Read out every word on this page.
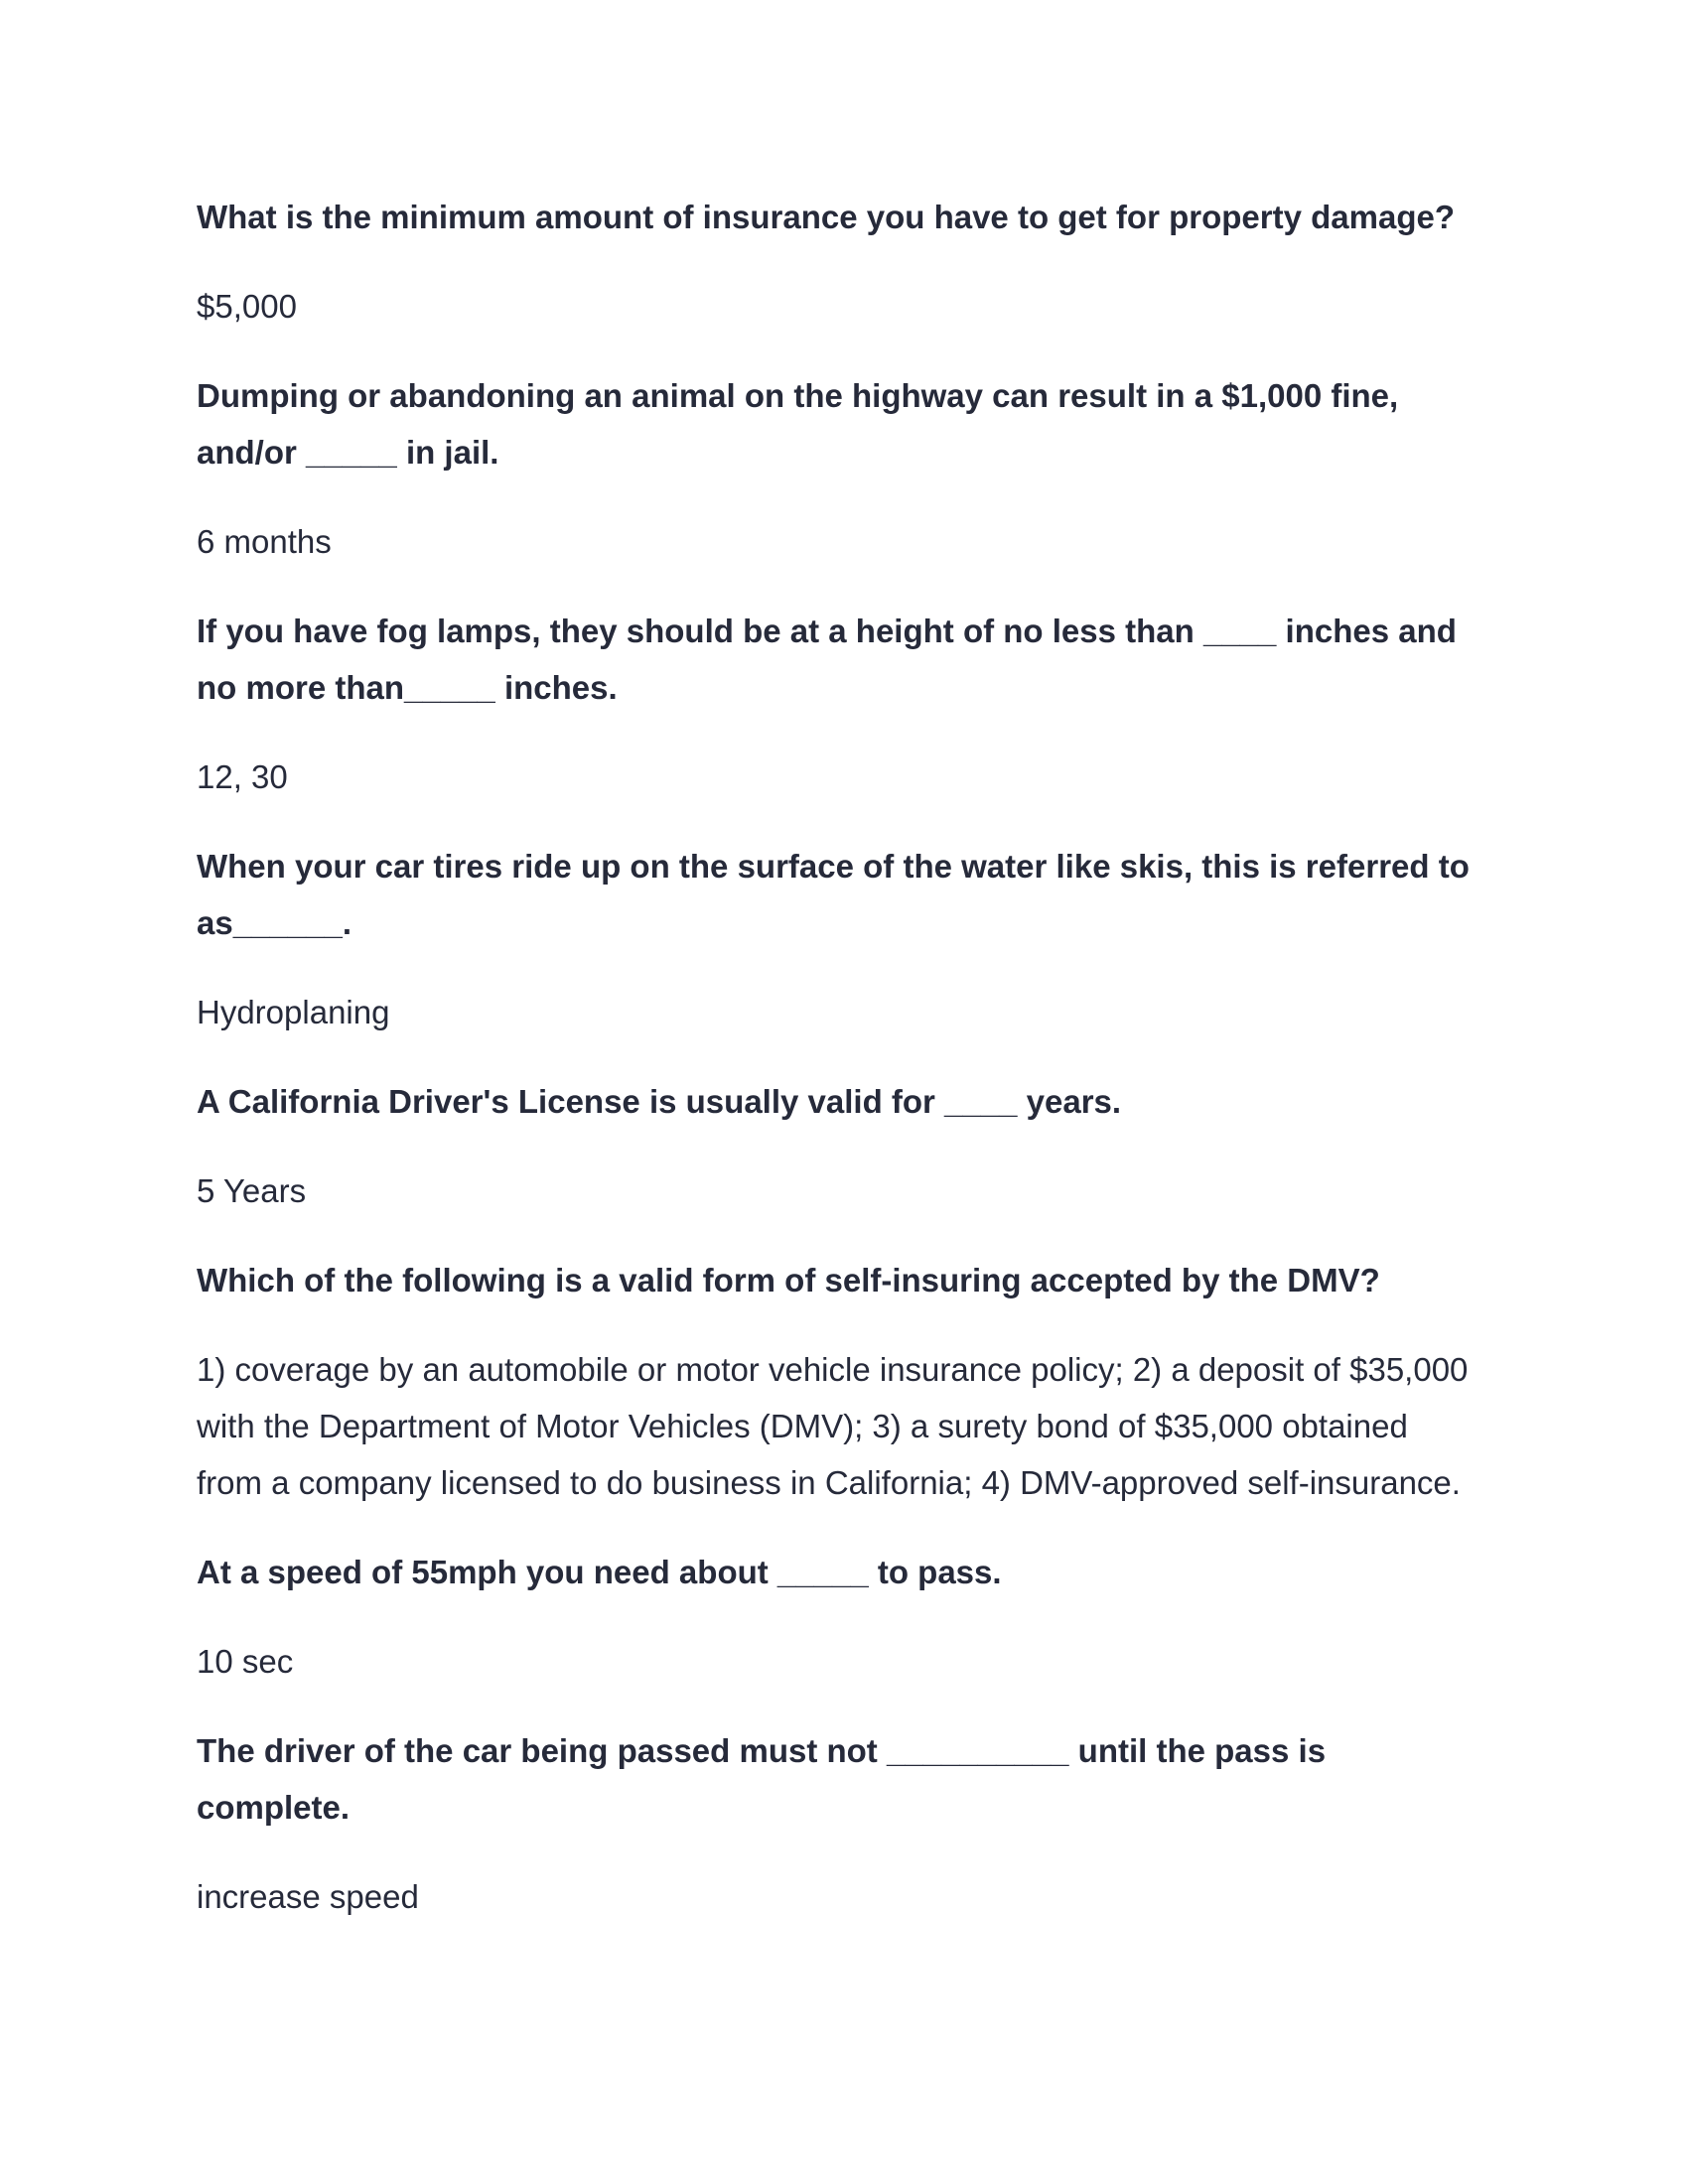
What is the minimum amount of insurance you have to get for property damage?
$5,000
Dumping or abandoning an animal on the highway can result in a $1,000 fine,
and/or _____ in jail.
6 months
If you have fog lamps, they should be at a height of no less than ____ inches and
no more than_____ inches.
12, 30
When your car tires ride up on the surface of the water like skis, this is referred to
as______.
Hydroplaning
A California Driver's License is usually valid for ____ years.
5 Years
Which of the following is a valid form of self-insuring accepted by the DMV?
1) coverage by an automobile or motor vehicle insurance policy; 2) a deposit of $35,000
with the Department of Motor Vehicles (DMV); 3) a surety bond of $35,000 obtained
from a company licensed to do business in California; 4) DMV-approved self-insurance.
At a speed of 55mph you need about _____ to pass.
10 sec
The driver of the car being passed must not __________ until the pass is
complete.
increase speed
